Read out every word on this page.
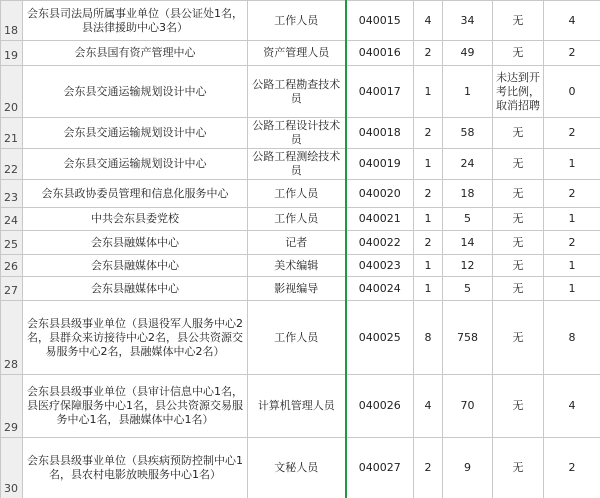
18	会东县司法局所属事业单位（县公证处1名，县法律援助中心3名）	工作人员	040015	4	34	无	4
19	会东县国有资产管理中心	资产管理人员	040016	2	49	无	2
20	会东县交通运输规划设计中心	公路工程勘查技术员	040017	1	1	未达到开考比例，取消招聘	0
21	会东县交通运输规划设计中心	公路工程设计技术员	040018	2	58	无	2
22	会东县交通运输规划设计中心	公路工程测绘技术员	040019	1	24	无	1
23	会东县政协委员管理和信息化服务中心	工作人员	040020	2	18	无	2
24	中共会东县委党校	工作人员	040021	1	5	无	1
25	会东县融媒体中心	记者	040022	2	14	无	2
26	会东县融媒体中心	美术编辑	040023	1	12	无	1
27	会东县融媒体中心	影视编导	040024	1	5	无	1
28	会东县县级事业单位（县退役军人服务中心2名，县群众来访接待中心2名，县公共资源交易服务中心2名，县融媒体中心2名）	工作人员	040025	8	758	无	8
29	会东县县级事业单位（县审计信息中心1名，县医疗保障服务中心1名，县公共资源交易服务中心1名，县融媒体中心1名）	计算机管理人员	040026	4	70	无	4
30	会东县县级事业单位（县疾病预防控制中心1名，县农村电影放映服务中心1名）	文秘人员	040027	2	9	无	2
